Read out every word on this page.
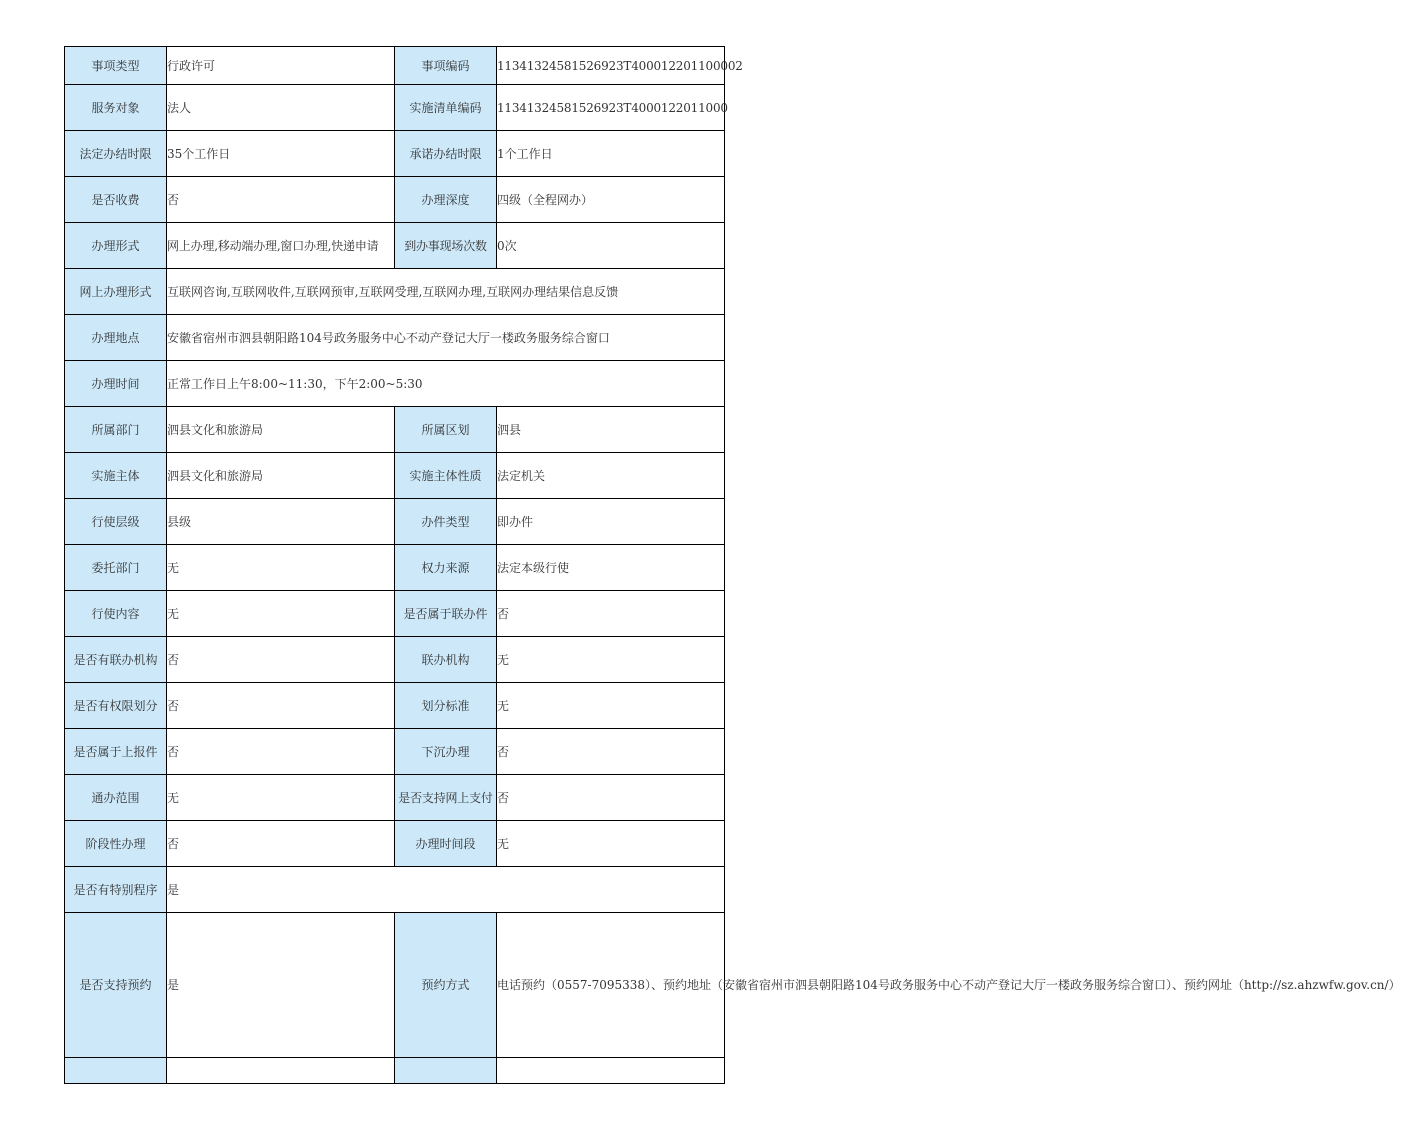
事项类型	行政许可	事项编码	11341324581526923T400012201100002
服务对象	法人	实施清单编码	11341324581526923T4000122011000
法定办结时限	35个工作日	承诺办结时限	1个工作日
是否收费	否	办理深度	四级（全程网办）
办理形式	网上办理,移动端办理,窗口办理,快递申请	到办事现场次数	0次
网上办理形式	互联网咨询,互联网收件,互联网预审,互联网受理,互联网办理,互联网办理结果信息反馈		
办理地点	安徽省宿州市泗县朝阳路104号政务服务中心不动产登记大厅一楼政务服务综合窗口		
办理时间	正常工作日上午8:00~11:30，下午2:00~5:30		
所属部门	泗县文化和旅游局	所属区划	泗县
实施主体	泗县文化和旅游局	实施主体性质	法定机关
行使层级	县级	办件类型	即办件
委托部门	无	权力来源	法定本级行使
行使内容	无	是否属于联办件	否
是否有联办机构	否	联办机构	无
是否有权限划分	否	划分标准	无
是否属于上报件	否	下沉办理	否
通办范围	无	是否支持网上支付	否
阶段性办理	否	办理时间段	无
是否有特别程序	是		
是否支持预约	是	预约方式	电话预约（0557-7095338）、预约地址（安徽省宿州市泗县朝阳路104号政务服务中心不动产登记大厅一楼政务服务综合窗口）、预约网址（http://sz.ahzwfw.gov.cn/）
